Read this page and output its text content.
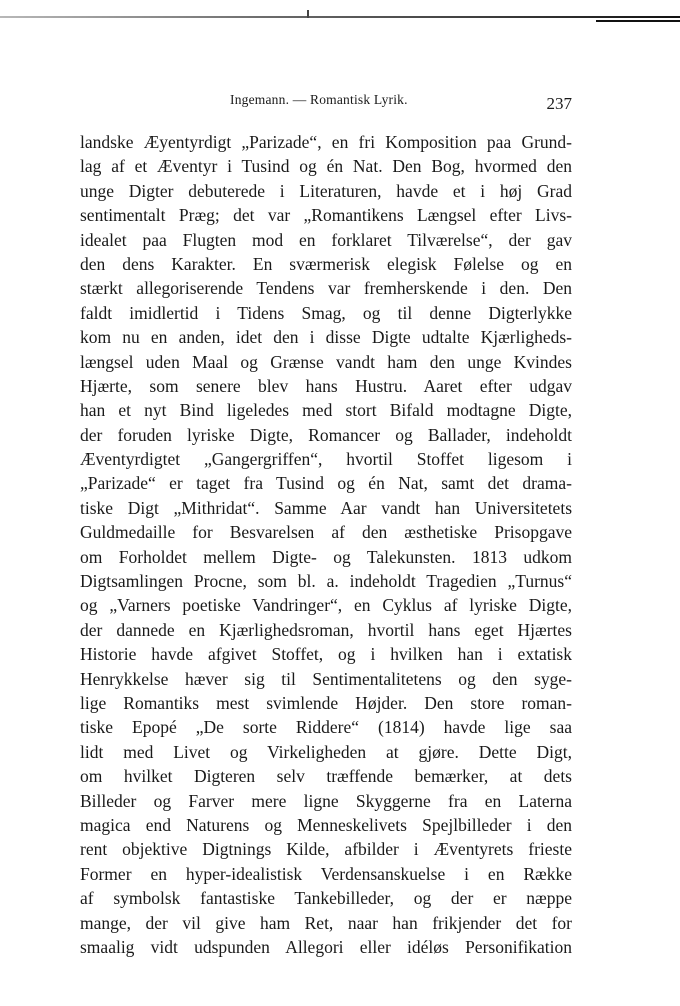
Ingemann. — Romantisk Lyrik.	237
landske Æyentyrdigt „Parizade“, en fri Komposition paa Grund-
lag af et Æventyr i Tusind og én Nat. Den Bog, hvormed den
unge Digter debuterede i Literaturen, havde et i høj Grad
sentimentalt Præg; det var „Romantikens Længsel efter Livs-
idealet paa Flugten mod en forklaret Tilværelse“, der gav
den dens Karakter. En sværmerisk elegisk Følelse og en
stærkt allegoriserende Tendens var fremherskende i den. Den
faldt imidlertid i Tidens Smag, og til denne Digterlykke
kom nu en anden, idet den i disse Digte udtalte Kjærligheds-
længsel uden Maal og Grænse vandt ham den unge Kvindes
Hjærte, som senere blev hans Hustru. Aaret efter udgav
han et nyt Bind ligeledes med stort Bifald modtagne Digte,
der foruden lyriske Digte, Romancer og Ballader, indeholdt
Æventyrdigtet „Gangergriffen“, hvortil Stoffet ligesom i
„Parizade“ er taget fra Tusind og én Nat, samt det drama-
tiske Digt „Mithridat“. Samme Aar vandt han Universitetets
Guldmedaille for Besvarelsen af den æsthetiske Prisopgave
om Forholdet mellem Digte- og Talekunsten. 1813 udkom
Digtsamlingen Procne, som bl. a. indeholdt Tragedien „Turnus“
og „Varners poetiske Vandringer“, en Cyklus af lyriske Digte,
der dannede en Kjærlighedsroman, hvortil hans eget Hjærtes
Historie havde afgivet Stoffet, og i hvilken han i extatisk
Henrykkelse hæver sig til Sentimentalitetens og den syge-
lige Romantiks mest svimlende Højder. Den store roman-
tiske Epopé „De sorte Riddere“ (1814) havde lige saa
lidt med Livet og Virkeligheden at gjøre. Dette Digt,
om hvilket Digteren selv træffende bemærker, at dets
Billeder og Farver mere ligne Skyggerne fra en Laterna
magica end Naturens og Menneskelivets Spejlbilleder i den
rent objektive Digtnings Kilde, afbilder i Æventyrets frieste
Former en hyper-idealistisk Verdensanskuelse i en Række
af symbolsk fantastiske Tankebilleder, og der er næppe
mange, der vil give ham Ret, naar han frikjender det for
smaalig vidt udspunden Allegori eller idéløs Personifikation
